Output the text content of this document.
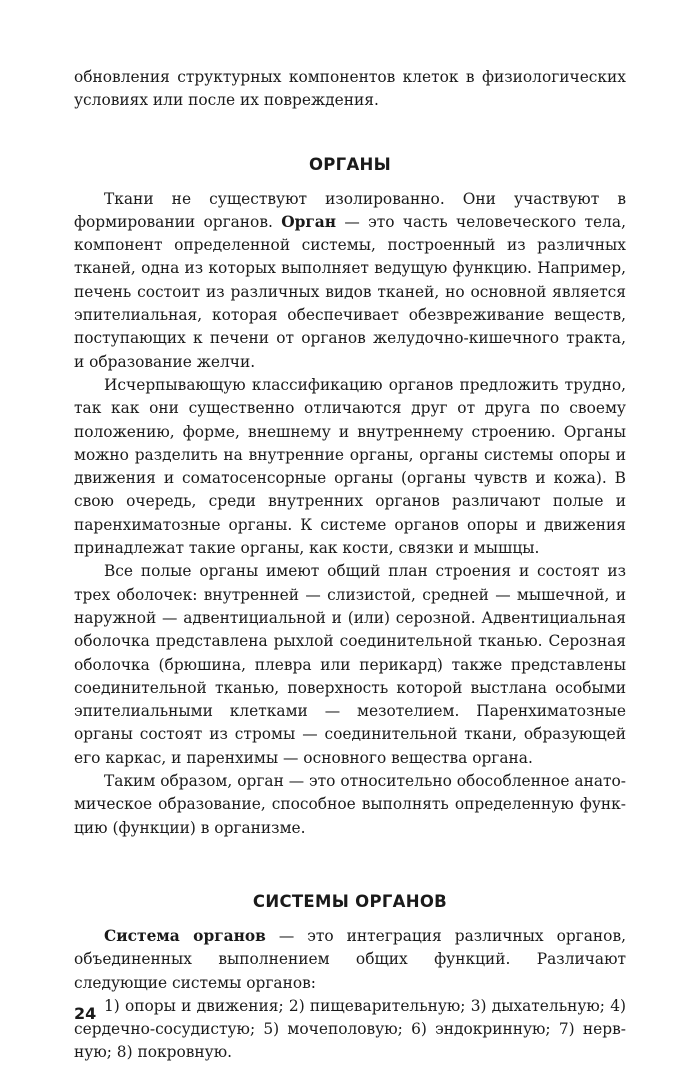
обновления структурных компонентов клеток в физиологических условиях или после их повреждения.

ОРГАНЫ

Ткани не существуют изолированно. Они участвуют в формировании органов. Орган — это часть человеческого тела, компонент определенной системы, построенный из различных тканей, одна из которых выполняет ведущую функцию. Например, печень состоит из различных видов тканей, но основной является эпителиальная, которая обеспечивает обезвреживание веществ, поступающих к печени от органов желудочно-кишечного тракта, и образование желчи.

Исчерпывающую классификацию органов предложить трудно, так как они существенно отличаются друг от друга по своему положению, форме, внешнему и внутреннему строению. Органы можно разделить на внутренние органы, органы системы опоры и движения и соматосенсорные органы (органы чувств и кожа). В свою очередь, среди внутренних органов различают полые и паренхиматозные органы. К системе органов опоры и движения принадлежат такие органы, как кости, связки и мышцы.

Все полые органы имеют общий план строения и состоят из трех оболочек: внутренней — слизистой, средней — мышечной, и наружной — адвентициальной и (или) серозной. Адвентициальная оболочка представлена рыхлой соединительной тканью. Серозная оболочка (брюшина, плевра или перикард) также представлены соединительной тканью, поверхность которой выстлана особыми эпителиальными клетками — мезотелием. Паренхиматозные органы состоят из стромы — соединительной ткани, образующей его каркас, и паренхимы — основного вещества органа.

Таким образом, орган — это относительно обособленное анатомическое образование, способное выполнять определенную функцию (функции) в организме.

СИСТЕМЫ ОРГАНОВ

Система органов — это интеграция различных органов, объединенных выполнением общих функций. Различают следующие системы органов:

1) опоры и движения; 2) пищеварительную; 3) дыхательную; 4) сердечно-сосудистую; 5) мочеполовую; 6) эндокринную; 7) нервную; 8) покровную.

24
